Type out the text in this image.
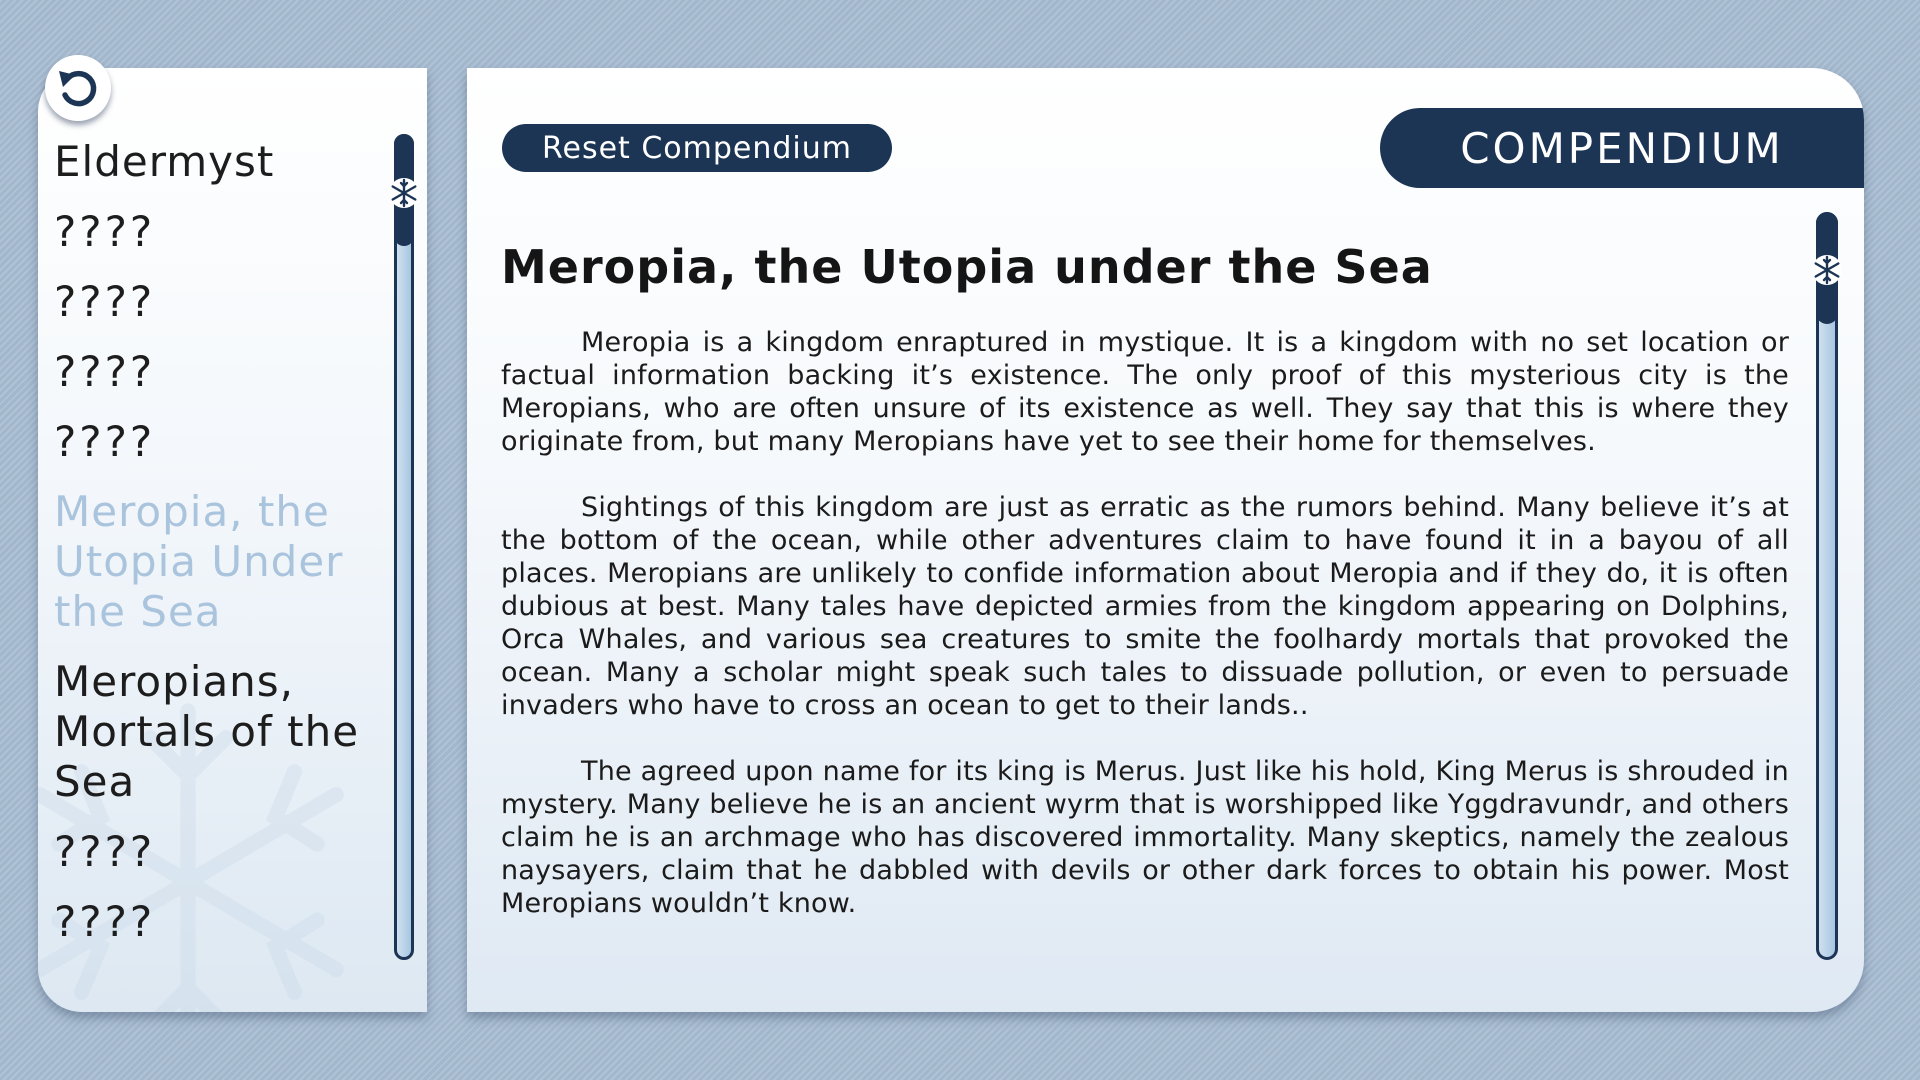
Eldermyst
????
????
????
????
Meropia, the Utopia Under the Sea
Meropians, Mortals of the Sea
????
????
Reset Compendium	COMPENDIUM
Meropia, the Utopia under the Sea

Meropia is a kingdom enraptured in mystique. It is a kingdom with no set location or factual information backing it’s existence. The only proof of this mysterious city is the Meropians, who are often unsure of its existence as well. They say that this is where they originate from, but many Meropians have yet to see their home for themselves.

Sightings of this kingdom are just as erratic as the rumors behind. Many believe it’s at the bottom of the ocean, while other adventures claim to have found it in a bayou of all places. Meropians are unlikely to confide information about Meropia and if they do, it is often dubious at best. Many tales have depicted armies from the kingdom appearing on Dolphins, Orca Whales, and various sea creatures to smite the foolhardy mortals that provoked the ocean. Many a scholar might speak such tales to dissuade pollution, or even to persuade invaders who have to cross an ocean to get to their lands..

The agreed upon name for its king is Merus. Just like his hold, King Merus is shrouded in mystery. Many believe he is an ancient wyrm that is worshipped like Yggdravundr, and others claim he is an archmage who has discovered immortality. Many skeptics, namely the zealous naysayers, claim that he dabbled with devils or other dark forces to obtain his power. Most Meropians wouldn’t know.
